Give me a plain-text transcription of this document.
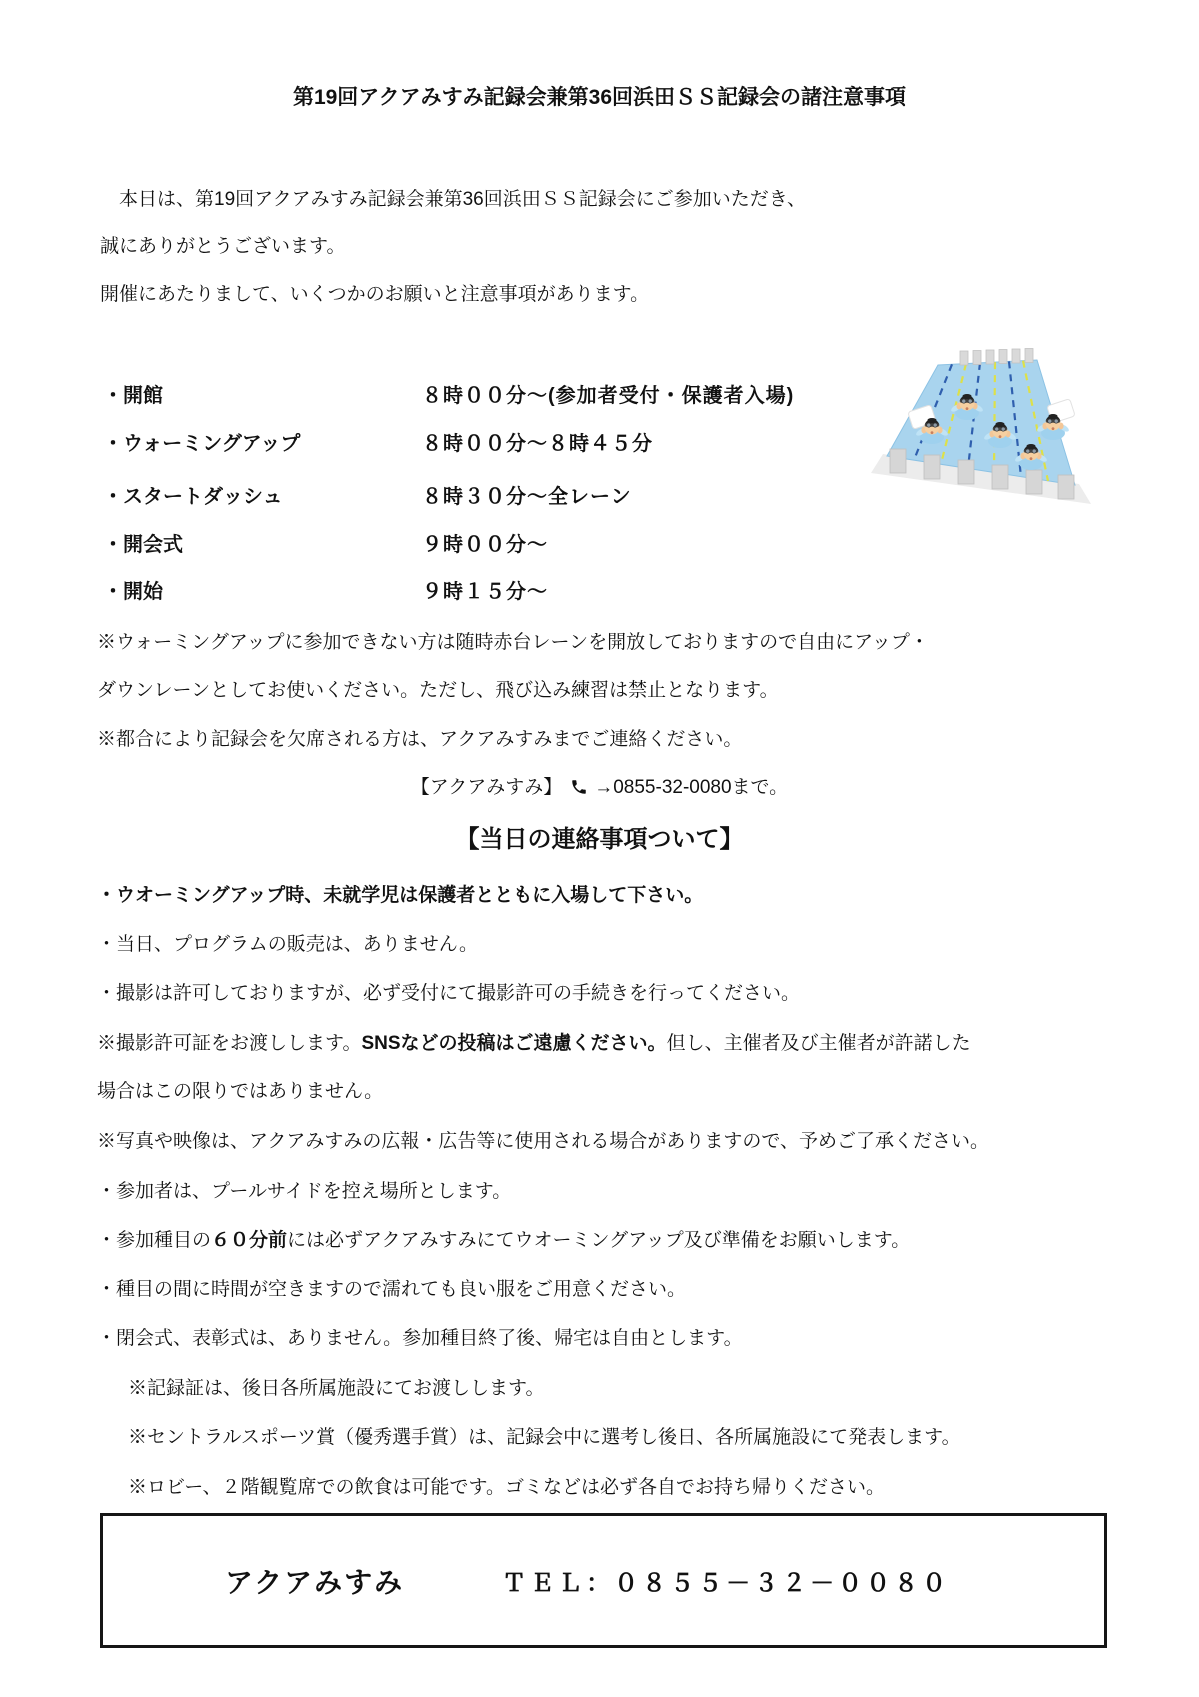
第19回アクアみすみ記録会兼第36回浜田ＳＳ記録会の諸注意事項
　本日は、第19回アクアみすみ記録会兼第36回浜田ＳＳ記録会にご参加いただき、
誠にありがとうございます。
開催にあたりまして、いくつかのお願いと注意事項があります。
・開館	８時００分～(参加者受付・保護者入場)
・ウォーミングアップ	８時００分～８時４５分
・スタートダッシュ	８時３０分～全レーン
・開会式	９時００分～
・開始	９時１５分～
※ウォーミングアップに参加できない方は随時赤台レーンを開放しておりますので自由にアップ・
ダウンレーンとしてお使いください。ただし、飛び込み練習は禁止となります。
※都合により記録会を欠席される方は、アクアみすみまでご連絡ください。
【アクアみすみ】 →0855-32-0080まで。
【当日の連絡事項ついて】
・ウオーミングアップ時、未就学児は保護者とともに入場して下さい。
・当日、プログラムの販売は、ありません。
・撮影は許可しておりますが、必ず受付にて撮影許可の手続きを行ってください。
※撮影許可証をお渡しします。SNSなどの投稿はご遠慮ください。但し、主催者及び主催者が許諾した
場合はこの限りではありません。
※写真や映像は、アクアみすみの広報・広告等に使用される場合がありますので、予めご了承ください。
・参加者は、プールサイドを控え場所とします。
・参加種目の６０分前には必ずアクアみすみにてウオーミングアップ及び準備をお願いします。
・種目の間に時間が空きますので濡れても良い服をご用意ください。
・閉会式、表彰式は、ありません。参加種目終了後、帰宅は自由とします。
※記録証は、後日各所属施設にてお渡しします。
※セントラルスポーツ賞（優秀選手賞）は、記録会中に選考し後日、各所属施設にて発表します。
※ロビー、２階観覧席での飲食は可能です。ゴミなどは必ず各自でお持ち帰りください。
アクアみすみ	ＴＥＬ：０８５５－３２－００８０
